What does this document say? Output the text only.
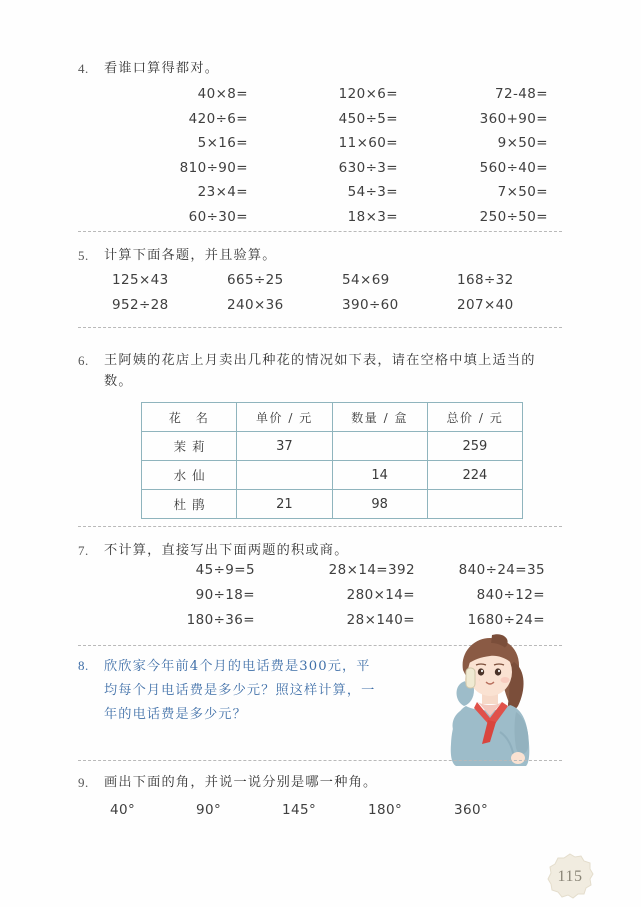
4.	看谁口算得都对。
40×8=	120×6=	72-48=
420÷6=	450÷5=	360+90=
5×16=	11×60=	9×50=
810÷90=	630÷3=	560÷40=
23×4=	54÷3=	7×50=
60÷30=	18×3=	250÷50=
5.	计算下面各题，并且验算。
125×43	665÷25	54×69	168÷32
952÷28	240×36	390÷60	207×40
6.	王阿姨的花店上月卖出几种花的情况如下表，请在空格中填上适当的数。
花　名	单价 / 元	数量 / 盒	总价 / 元
茉莉	37		259
水仙		14	224
杜鹃	21	98	
7.	不计算，直接写出下面两题的积或商。
45÷9=5	28×14=392	840÷24=35
90÷18=	280×14=	840÷12=
180÷36=	28×140=	1680÷24=
8.	欣欣家今年前4个月的电话费是300元，平均每个月电话费是多少元？照这样计算，一年的电话费是多少元？
9.	画出下面的角，并说一说分别是哪一种角。
40°	90°	145°	180°	360°
115
